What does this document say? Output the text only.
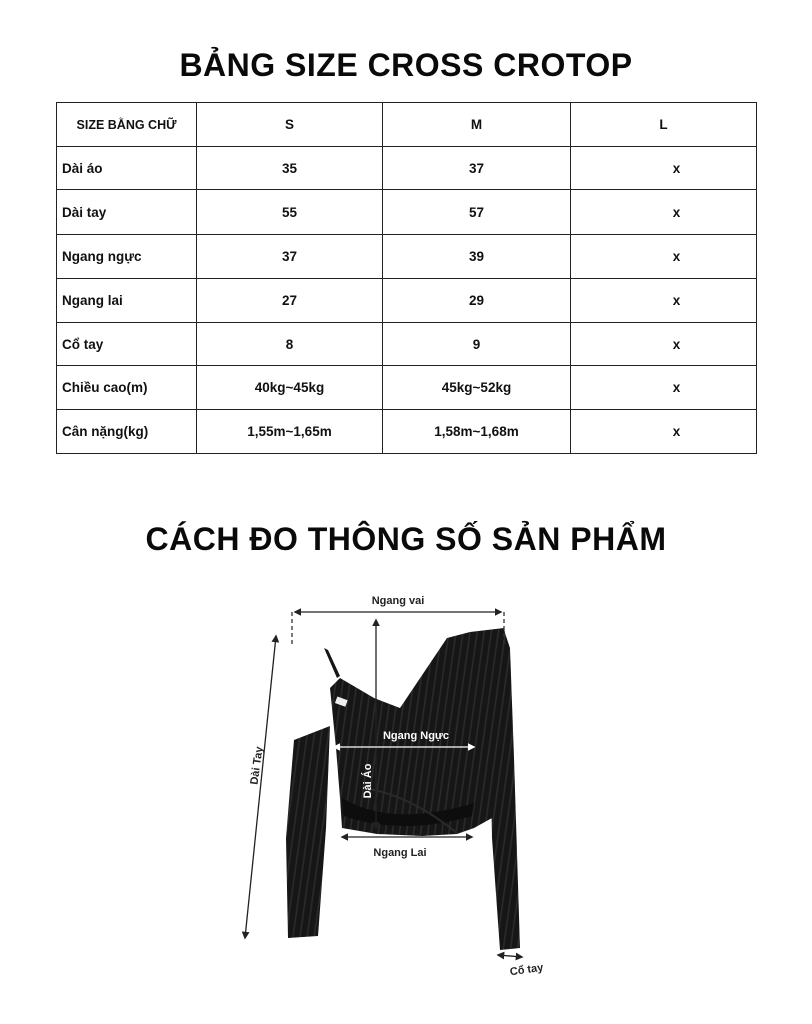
BẢNG SIZE CROSS CROTOP
SIZE BẰNG CHỮ	S	M	L
Dài áo	35	37	x
Dài tay	55	57	x
Ngang ngực	37	39	x
Ngang lai	27	29	x
Cổ tay	8	9	x
Chiều cao(m)	40kg~45kg	45kg~52kg	x
Cân nặng(kg)	1,55m~1,65m	1,58m~1,68m	x
CÁCH ĐO THÔNG SỐ SẢN PHẨM
Ngang vai
Dài Tay	Dài Áo
Ngang Ngực
Ngang Lai
Cổ tay
